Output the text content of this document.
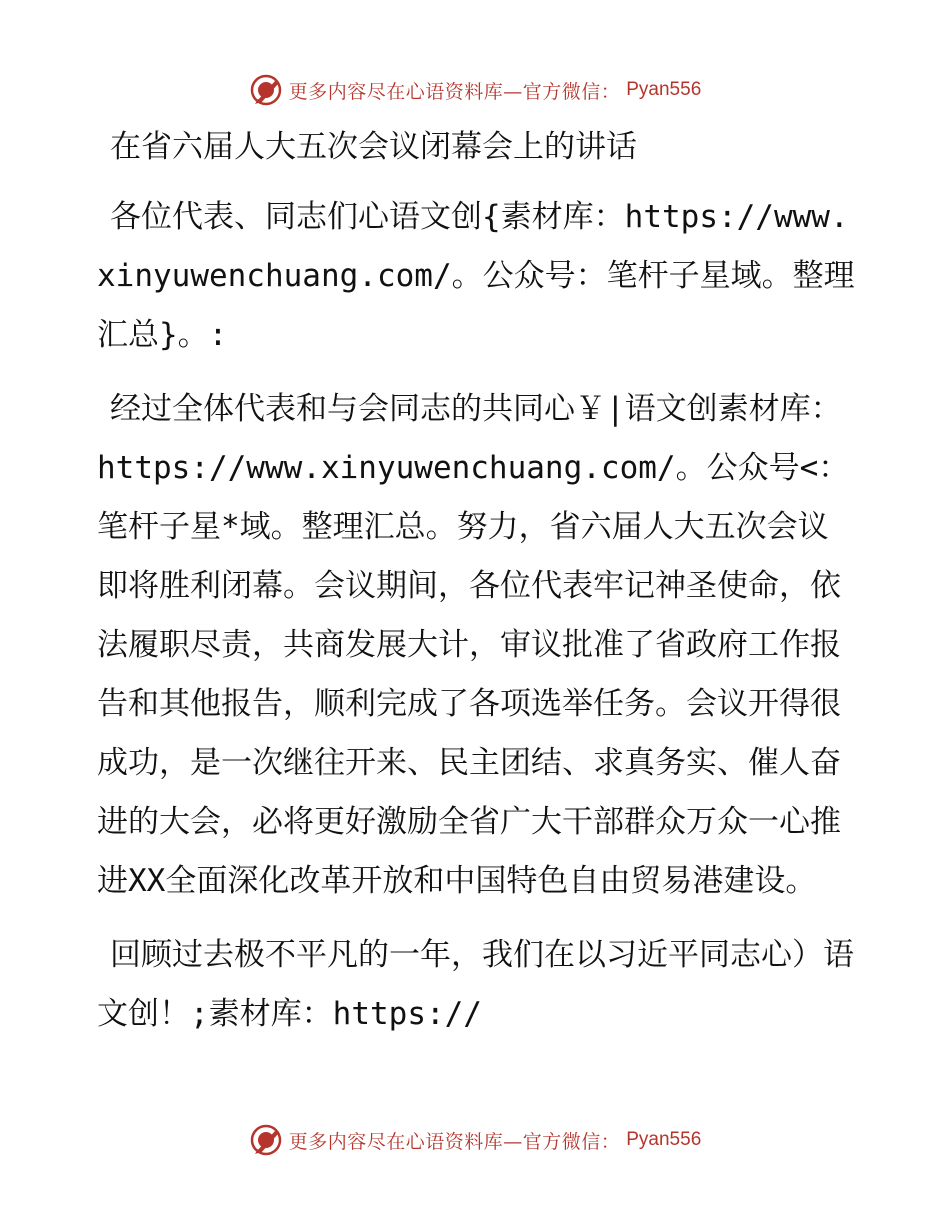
更多内容尽在心语资料库—官方微信： Pyan556

在省六届人大五次会议闭幕会上的讲话

各位代表、同志们心语文创{素材库：https://www.xinyuwenchuang.com/。公众号：笔杆子星域。整理汇总}。:

经过全体代表和与会同志的共同心￥|语文创素材库：https://www.xinyuwenchuang.com/。公众号<：笔杆子星*域。整理汇总。努力，省六届人大五次会议即将胜利闭幕。会议期间，各位代表牢记神圣使命，依法履职尽责，共商发展大计，审议批准了省政府工作报告和其他报告，顺利完成了各项选举任务。会议开得很成功，是一次继往开来、民主团结、求真务实、催人奋进的大会，必将更好激励全省广大干部群众万众一心推进XX全面深化改革开放和中国特色自由贸易港建设。

回顾过去极不平凡的一年，我们在以习近平同志心）语文创！;素材库：https://

更多内容尽在心语资料库—官方微信： Pyan556
